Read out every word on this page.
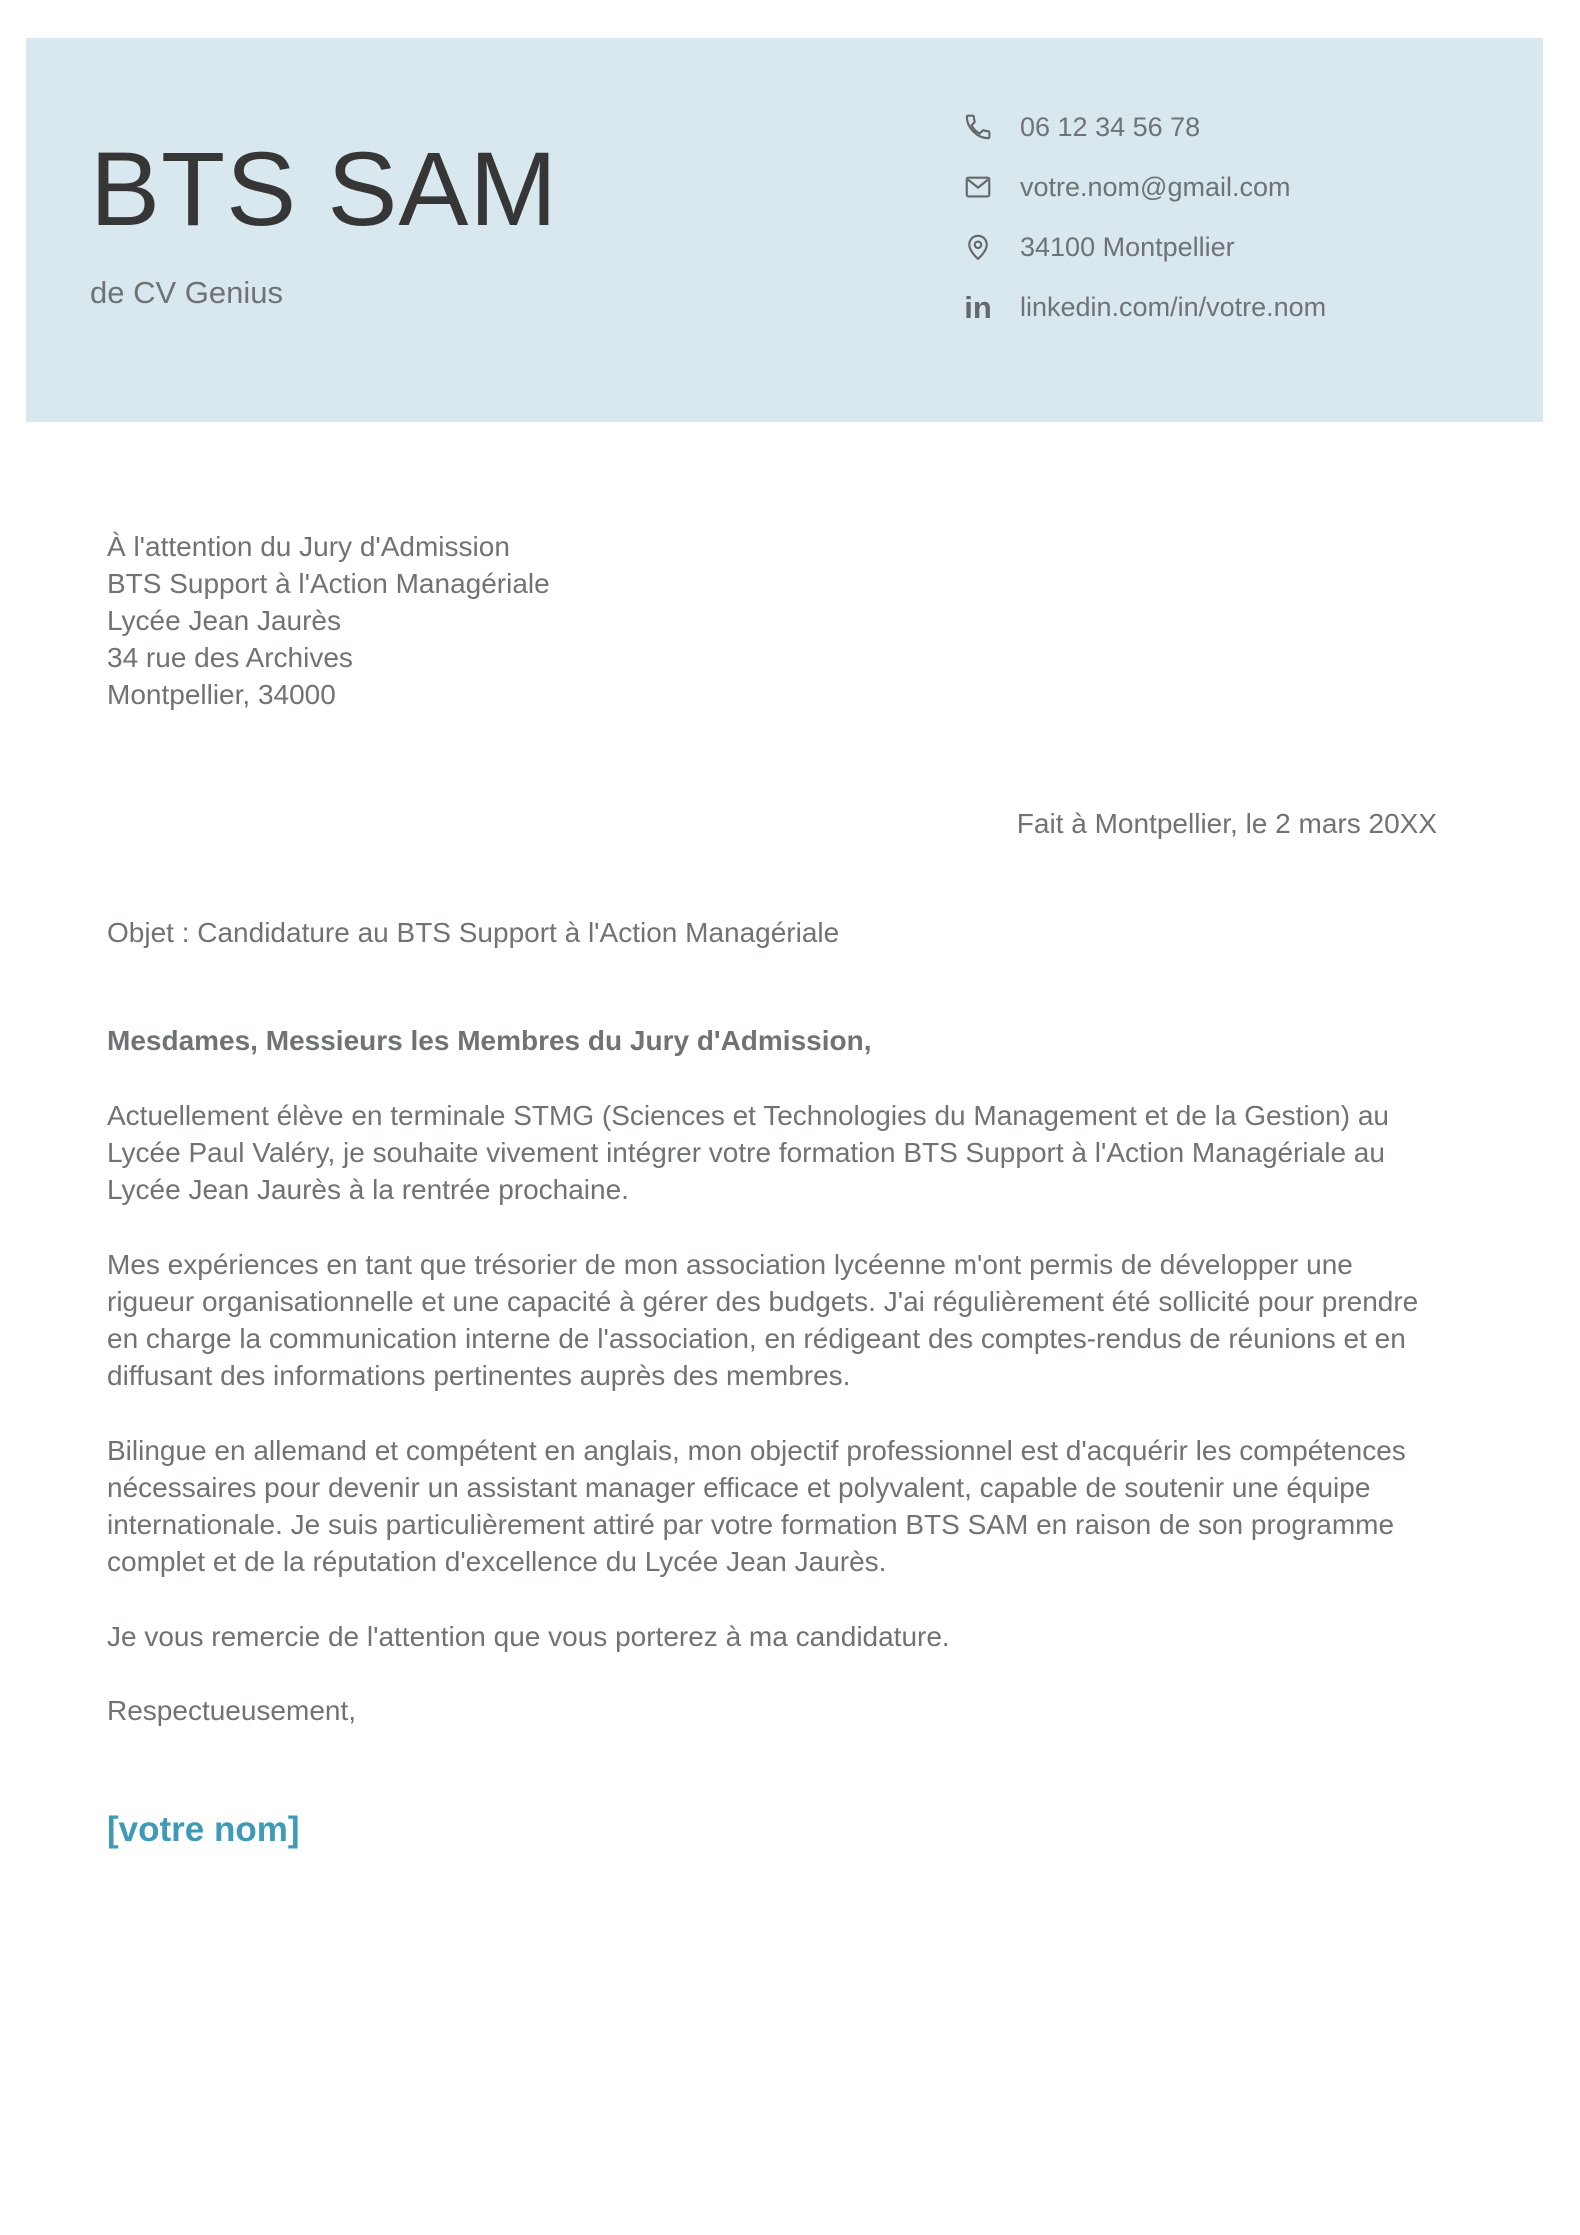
BTS SAM
de CV Genius
06 12 34 56 78
votre.nom@gmail.com
34100 Montpellier
in linkedin.com/in/votre.nom
À l'attention du Jury d'Admission
BTS Support à l'Action Managériale
Lycée Jean Jaurès
34 rue des Archives
Montpellier, 34000
Fait à Montpellier, le 2 mars 20XX
Objet : Candidature au BTS Support à l'Action Managériale
Mesdames, Messieurs les Membres du Jury d'Admission,

Actuellement élève en terminale STMG (Sciences et Technologies du Management et de la Gestion) au Lycée Paul Valéry, je souhaite vivement intégrer votre formation BTS Support à l'Action Managériale au Lycée Jean Jaurès à la rentrée prochaine.

Mes expériences en tant que trésorier de mon association lycéenne m'ont permis de développer une rigueur organisationnelle et une capacité à gérer des budgets. J'ai régulièrement été sollicité pour prendre en charge la communication interne de l'association, en rédigeant des comptes-rendus de réunions et en diffusant des informations pertinentes auprès des membres.

Bilingue en allemand et compétent en anglais, mon objectif professionnel est d'acquérir les compétences nécessaires pour devenir un assistant manager efficace et polyvalent, capable de soutenir une équipe internationale. Je suis particulièrement attiré par votre formation BTS SAM en raison de son programme complet et de la réputation d'excellence du Lycée Jean Jaurès.

Je vous remercie de l'attention que vous porterez à ma candidature.

Respectueusement,
[votre nom]
